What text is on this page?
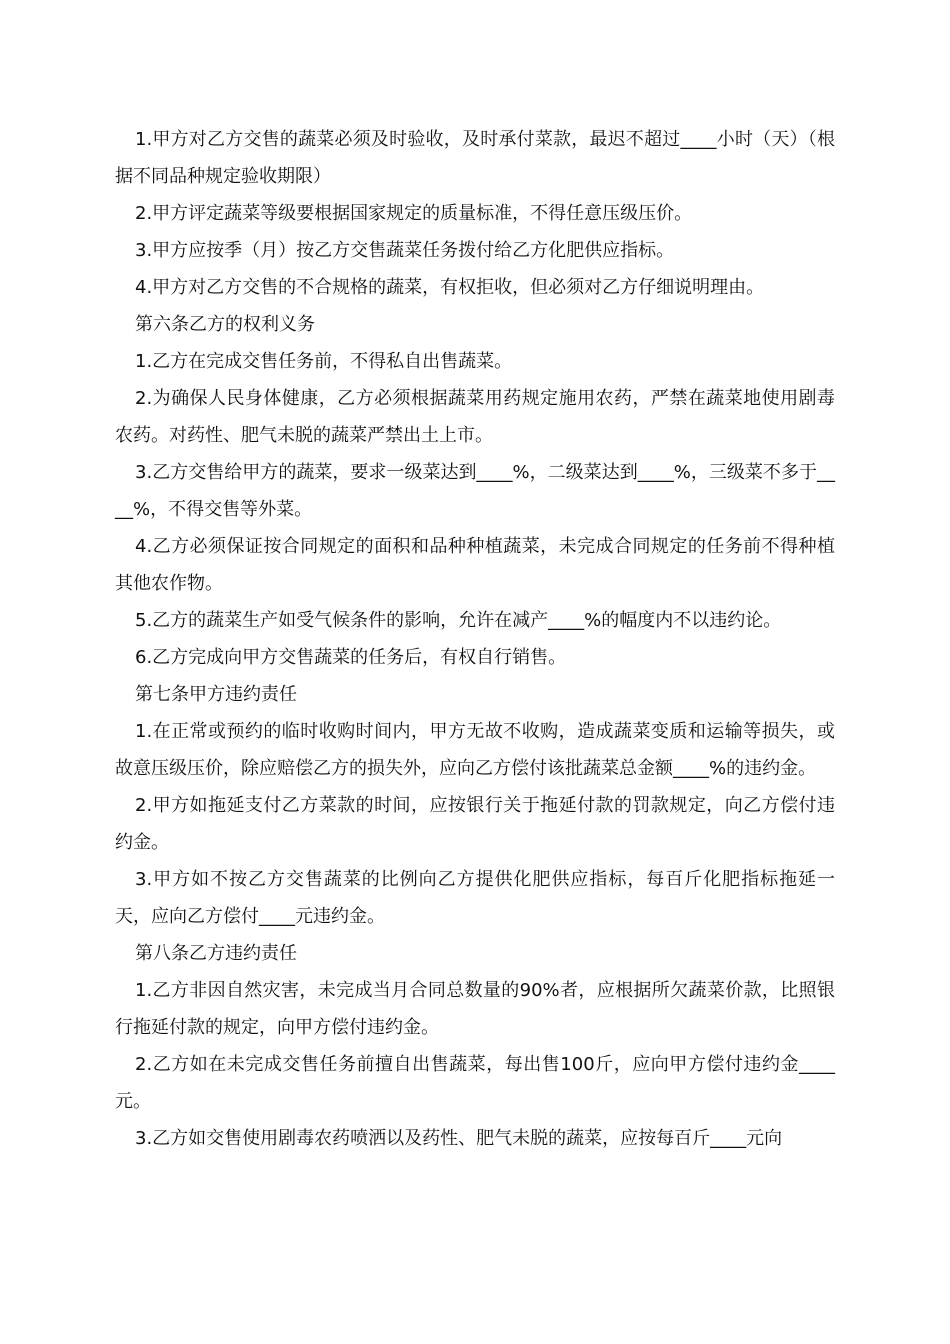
1.甲方对乙方交售的蔬菜必须及时验收，及时承付菜款，最迟不超过____小时（天）（根据不同品种规定验收期限）

2.甲方评定蔬菜等级要根据国家规定的质量标准，不得任意压级压价。

3.甲方应按季（月）按乙方交售蔬菜任务拨付给乙方化肥供应指标。

4.甲方对乙方交售的不合规格的蔬菜，有权拒收，但必须对乙方仔细说明理由。

第六条乙方的权利义务

1.乙方在完成交售任务前，不得私自出售蔬菜。

2.为确保人民身体健康，乙方必须根据蔬菜用药规定施用农药，严禁在蔬菜地使用剧毒农药。对药性、肥气未脱的蔬菜严禁出土上市。

3.乙方交售给甲方的蔬菜，要求一级菜达到____%，二级菜达到____%，三级菜不多于____%，不得交售等外菜。

4.乙方必须保证按合同规定的面积和品种种植蔬菜，未完成合同规定的任务前不得种植其他农作物。

5.乙方的蔬菜生产如受气候条件的影响，允许在减产____%的幅度内不以违约论。

6.乙方完成向甲方交售蔬菜的任务后，有权自行销售。

第七条甲方违约责任

1.在正常或预约的临时收购时间内，甲方无故不收购，造成蔬菜变质和运输等损失，或故意压级压价，除应赔偿乙方的损失外，应向乙方偿付该批蔬菜总金额____%的违约金。

2.甲方如拖延支付乙方菜款的时间，应按银行关于拖延付款的罚款规定，向乙方偿付违约金。

3.甲方如不按乙方交售蔬菜的比例向乙方提供化肥供应指标，每百斤化肥指标拖延一天，应向乙方偿付____元违约金。

第八条乙方违约责任

1.乙方非因自然灾害，未完成当月合同总数量的90%者，应根据所欠蔬菜价款，比照银行拖延付款的规定，向甲方偿付违约金。

2.乙方如在未完成交售任务前擅自出售蔬菜，每出售100斤，应向甲方偿付违约金____元。

3.乙方如交售使用剧毒农药喷洒以及药性、肥气未脱的蔬菜，应按每百斤____元向
